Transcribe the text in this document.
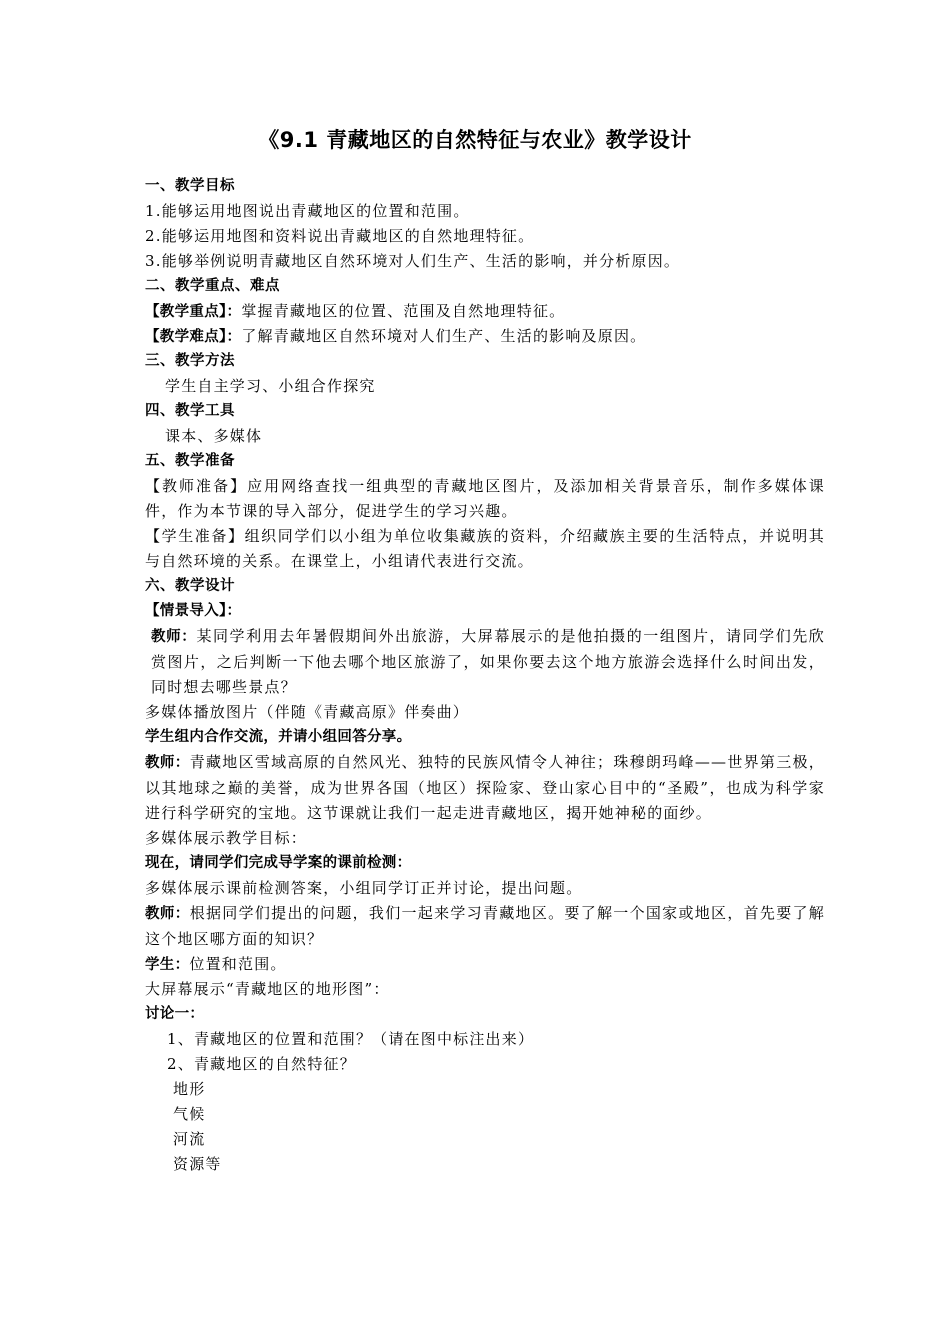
《9.1 青藏地区的自然特征与农业》教学设计
一、教学目标
1.能够运用地图说出青藏地区的位置和范围。
2.能够运用地图和资料说出青藏地区的自然地理特征。
3.能够举例说明青藏地区自然环境对人们生产、生活的影响，并分析原因。
二、教学重点、难点
【教学重点】：掌握青藏地区的位置、范围及自然地理特征。
【教学难点】：了解青藏地区自然环境对人们生产、生活的影响及原因。
三、教学方法
学生自主学习、小组合作探究
四、教学工具
课本、多媒体
五、教学准备
【教师准备】应用网络查找一组典型的青藏地区图片，及添加相关背景音乐，制作多媒体课件，作为本节课的导入部分，促进学生的学习兴趣。
【学生准备】组织同学们以小组为单位收集藏族的资料，介绍藏族主要的生活特点，并说明其与自然环境的关系。在课堂上，小组请代表进行交流。
六、教学设计
【情景导入】：
教师：某同学利用去年暑假期间外出旅游，大屏幕展示的是他拍摄的一组图片，请同学们先欣赏图片，之后判断一下他去哪个地区旅游了，如果你要去这个地方旅游会选择什么时间出发，同时想去哪些景点？
多媒体播放图片（伴随《青藏高原》伴奏曲）
学生组内合作交流，并请小组回答分享。
教师：青藏地区雪域高原的自然风光、独特的民族风情令人神往；珠穆朗玛峰——世界第三极，以其地球之巅的美誉，成为世界各国（地区）探险家、登山家心目中的“圣殿”，也成为科学家进行科学研究的宝地。这节课就让我们一起走进青藏地区，揭开她神秘的面纱。
多媒体展示教学目标：
现在，请同学们完成导学案的课前检测：
多媒体展示课前检测答案，小组同学订正并讨论，提出问题。
教师：根据同学们提出的问题，我们一起来学习青藏地区。要了解一个国家或地区，首先要了解这个地区哪方面的知识？
学生：位置和范围。
大屏幕展示“青藏地区的地形图”：
讨论一：
1、青藏地区的位置和范围？（请在图中标注出来）
2、青藏地区的自然特征？
地形
气候
河流
资源等
